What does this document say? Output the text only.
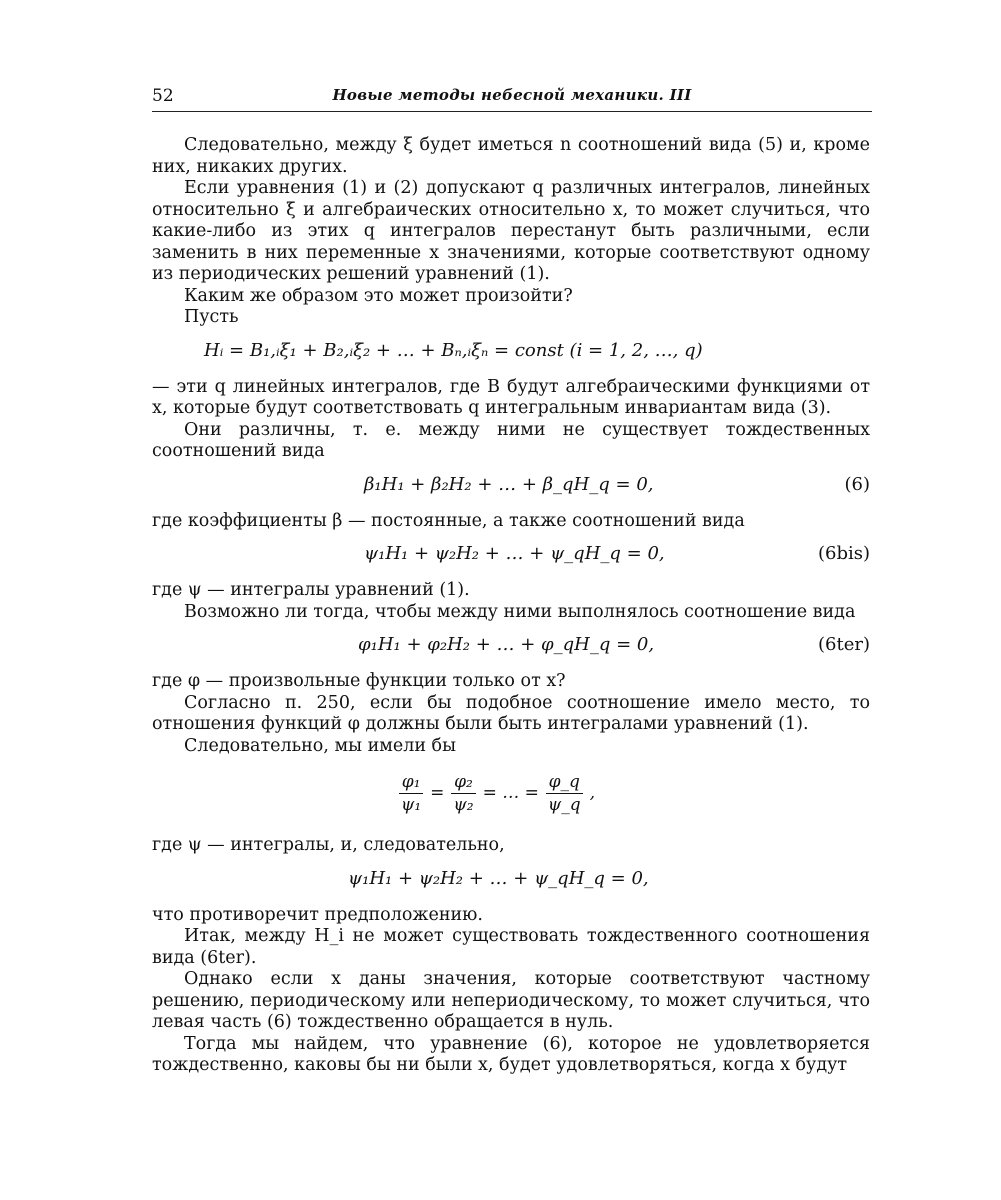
52	Новые методы небесной механики. III

Следовательно, между ξ будет иметься n соотношений вида (5) и, кроме них, никаких других.

Если уравнения (1) и (2) допускают q различных интегралов, линейных относительно ξ и алгебраических относительно x, то может случиться, что какие-либо из этих q интегралов перестанут быть различными, если заменить в них переменные x значениями, которые соответствуют одному из периодических решений уравнений (1).

Каким же образом это может произойти?

Пусть

Hᵢ = B₁,ᵢξ₁ + B₂,ᵢξ₂ + … + Bₙ,ᵢξₙ = const (i = 1, 2, …, q)

— эти q линейных интегралов, где B будут алгебраическими функциями от x, которые будут соответствовать q интегральным инвариантам вида (3).

Они различны, т. е. между ними не существует тождественных соотношений вида

β₁H₁ + β₂H₂ + … + β_qH_q = 0,	(6)

где коэффициенты β — постоянные, а также соотношений вида

ψ₁H₁ + ψ₂H₂ + … + ψ_qH_q = 0,	(6bis)

где ψ — интегралы уравнений (1).

Возможно ли тогда, чтобы между ними выполнялось соотношение вида

φ₁H₁ + φ₂H₂ + … + φ_qH_q = 0,	(6ter)

где φ — произвольные функции только от x?

Согласно п. 250, если бы подобное соотношение имело место, то отношения функций φ должны были быть интегралами уравнений (1).

Следовательно, мы имели бы

$\frac{\text{φ₁}}{\text{ψ₁}} = \frac{\text{φ₂}}{\text{ψ₂}}$ = … = $\frac{\varphi\_q}{\psi\_q}$ ,

где ψ — интегралы, и, следовательно,

ψ₁H₁ + ψ₂H₂ + … + ψ_qH_q = 0,

что противоречит предположению.

Итак, между H_i не может существовать тождественного соотношения вида (6ter).

Однако если x даны значения, которые соответствуют частному решению, периодическому или непериодическому, то может случиться, что левая часть (6) тождественно обращается в нуль.

Тогда мы найдем, что уравнение (6), которое не удовлетворяется тождественно, каковы бы ни были x, будет удовлетворяться, когда x будут
